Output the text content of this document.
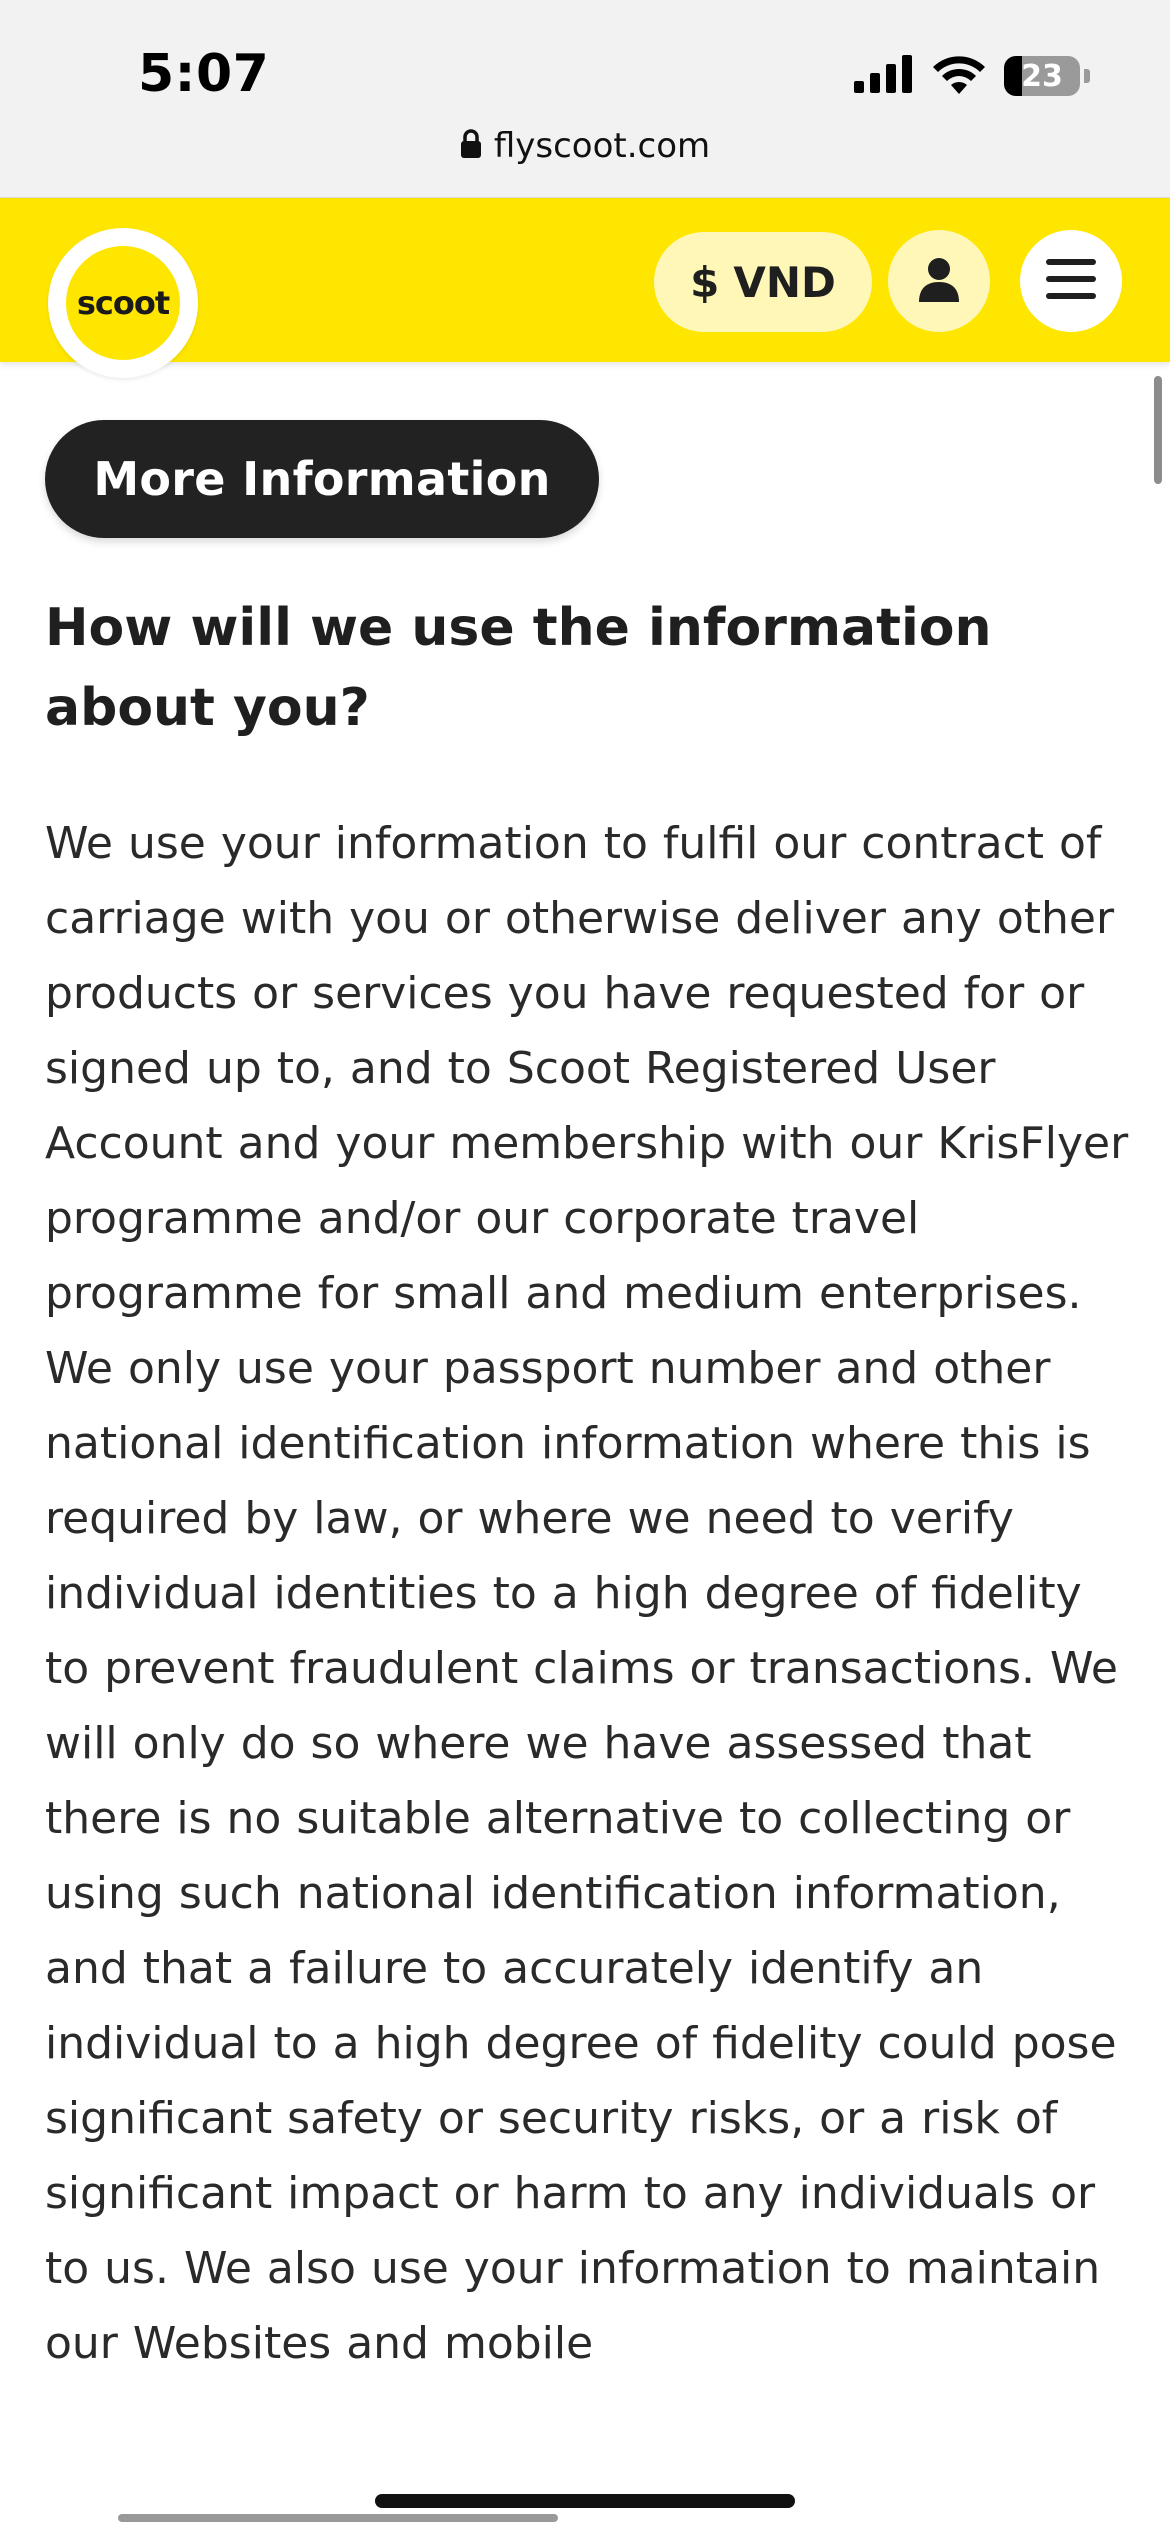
5:07	23
flyscoot.com
scoot	$ VND
More Information
How will we use the information about you?

We use your information to fulfil our contract of carriage with you or otherwise deliver any other products or services you have requested for or signed up to, and to Scoot Registered User Account and your membership with our KrisFlyer programme and/or our corporate travel programme for small and medium enterprises. We only use your passport number and other national identification information where this is required by law, or where we need to verify individual identities to a high degree of fidelity to prevent fraudulent claims or transactions. We will only do so where we have assessed that there is no suitable alternative to collecting or using such national identification information, and that a failure to accurately identify an individual to a high degree of fidelity could pose significant safety or security risks, or a risk of significant impact or harm to any individuals or to us. We also use your information to maintain our Websites and mobile
